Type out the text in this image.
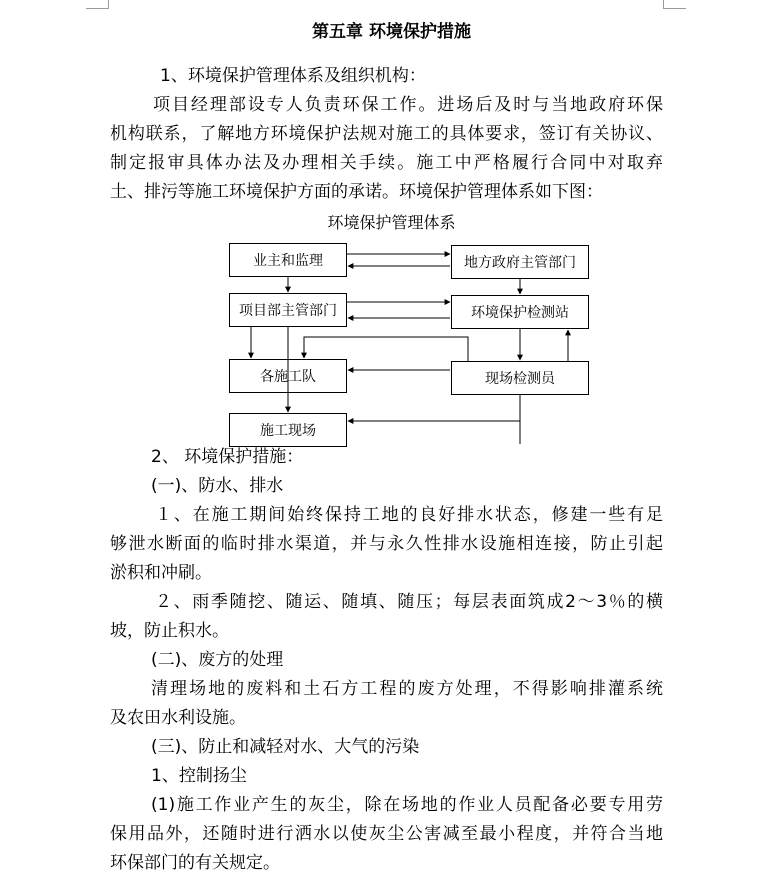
第五章 环境保护措施
1、环境保护管理体系及组织机构：
项目经理部设专人负责环保工作。进场后及时与当地政府环保
机构联系，了解地方环境保护法规对施工的具体要求，签订有关协议、
制定报审具体办法及办理相关手续。施工中严格履行合同中对取弃
土、排污等施工环境保护方面的承诺。环境保护管理体系如下图：
环境保护管理体系
业主和监理	地方政府主管部门
项目部主管部门	环境保护检测站
各施工队	现场检测员
施工现场
2、 环境保护措施：
(一)、防水、排水
１、在施工期间始终保持工地的良好排水状态，修建一些有足
够泄水断面的临时排水渠道，并与永久性排水设施相连接，防止引起
淤积和冲刷。
２、雨季随挖、随运、随填、随压；每层表面筑成2～3％的横
坡，防止积水。
(二)、废方的处理
清理场地的废料和土石方工程的废方处理，不得影响排灌系统
及农田水利设施。
(三)、防止和减轻对水、大气的污染
1、控制扬尘
(1)施工作业产生的灰尘，除在场地的作业人员配备必要专用劳
保用品外，还随时进行洒水以使灰尘公害减至最小程度，并符合当地
环保部门的有关规定。
